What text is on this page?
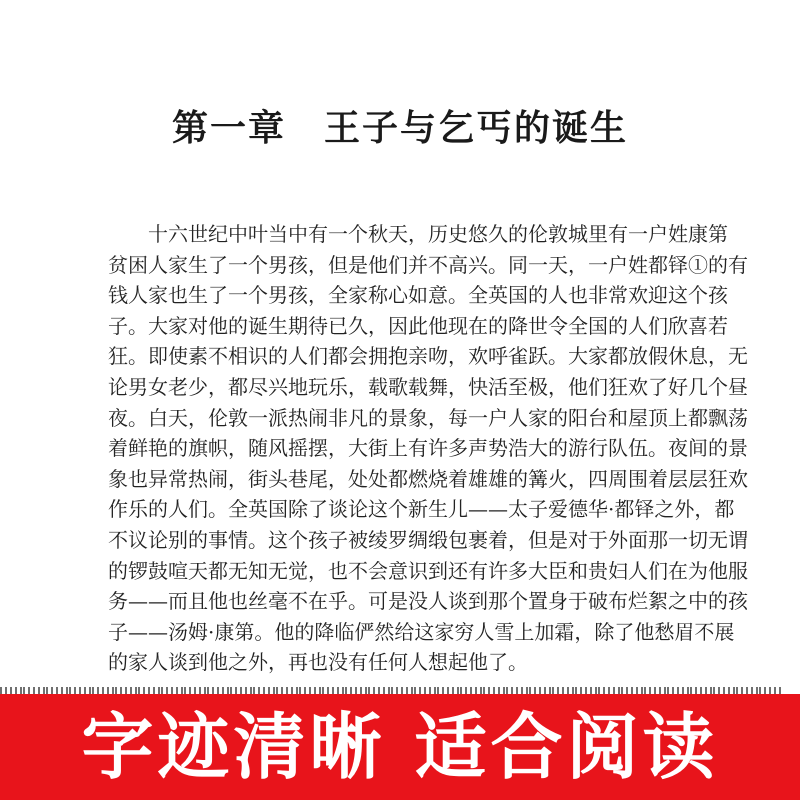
第一章　王子与乞丐的诞生
十六世纪中叶当中有一个秋天，历史悠久的伦敦城里有一户姓康第
贫困人家生了一个男孩，但是他们并不高兴。同一天，一户姓都铎①的有
钱人家也生了一个男孩，全家称心如意。全英国的人也非常欢迎这个孩
子。大家对他的诞生期待已久，因此他现在的降世令全国的人们欣喜若
狂。即使素不相识的人们都会拥抱亲吻，欢呼雀跃。大家都放假休息，无
论男女老少，都尽兴地玩乐，载歌载舞，快活至极，他们狂欢了好几个昼
夜。白天，伦敦一派热闹非凡的景象，每一户人家的阳台和屋顶上都飘荡
着鲜艳的旗帜，随风摇摆，大街上有许多声势浩大的游行队伍。夜间的景
象也异常热闹，街头巷尾，处处都燃烧着雄雄的篝火，四周围着层层狂欢
作乐的人们。全英国除了谈论这个新生儿——太子爱德华·都铎之外，都
不议论别的事情。这个孩子被绫罗绸缎包裹着，但是对于外面那一切无谓
的锣鼓喧天都无知无觉，也不会意识到还有许多大臣和贵妇人们在为他服
务——而且他也丝毫不在乎。可是没人谈到那个置身于破布烂絮之中的孩
子——汤姆·康第。他的降临俨然给这家穷人雪上加霜，除了他愁眉不展
的家人谈到他之外，再也没有任何人想起他了。
字迹清晰 适合阅读
